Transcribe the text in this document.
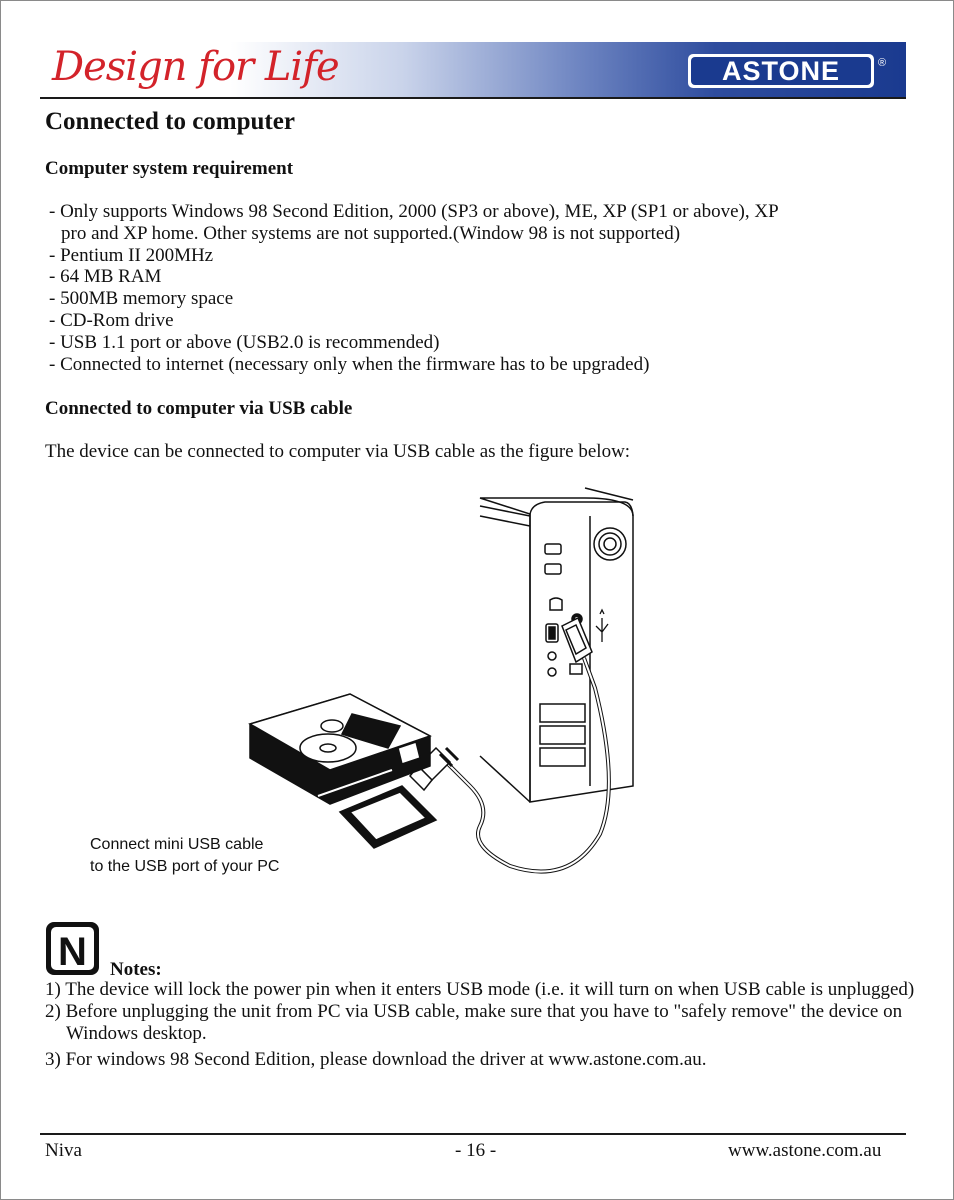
Design for Life	ASTONE	®
Connected to computer
Computer system requirement
- Only supports Windows 98 Second Edition, 2000 (SP3 or above), ME, XP (SP1 or above), XP
pro and XP home. Other systems are not supported.(Window 98 is not supported)
- Pentium II 200MHz
- 64 MB RAM
- 500MB memory space
- CD-Rom drive
- USB 1.1 port or above (USB2.0 is recommended)
- Connected to internet (necessary only when the firmware has to be upgraded)
Connected to computer via USB cable
The device can be connected to computer via USB cable as the figure below:
Connect mini USB cable
to the USB port of your PC
N Notes:
1) The device will lock the power pin when it enters USB mode (i.e. it will turn on when USB cable is unplugged)
2) Before unplugging the unit from PC via USB cable, make sure that you have to "safely remove" the device on Windows desktop.
3) For windows 98 Second Edition, please download the driver at www.astone.com.au.
Niva	- 16 -	www.astone.com.au
